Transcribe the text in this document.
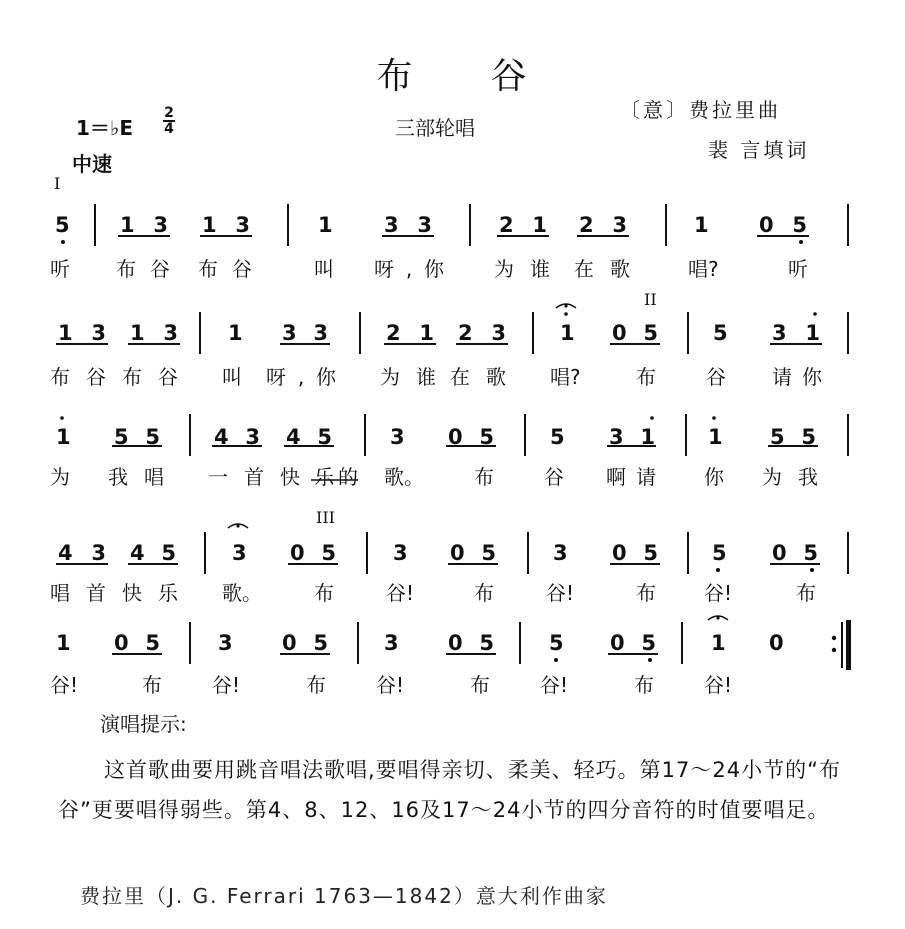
布　　谷
1＝♭E
2
4
中速
三部轮唱
〔意〕费拉里曲
裴 言填词
I
II
III
5 1 3 1 3	1 3 3	2 1 2 3	1 0 5
听 布 谷 布 谷	叫 呀,你	为 谁 在 歌	唱?	听
1 3 1 3 1 3 3	2 1 2 3	1 0 5	5 3 1
布 谷 布 谷 叫 呀,你 为 谁 在 歌 唱?	布	谷 请 你
1 5 5	4 3 4 5	3 0 5	5 3 1	1 5 5
为 我 唱 一 首 快 乐的 歌。	布	谷 啊 请 你 为 我
4 3 4 5	3 0 5	3 0 5	3 0 5	5 0 5
唱 首 快 乐 歌。	布	谷!	布	谷!	布 谷!	布
1 0 5	3 0 5	3 0 5	5 0 5	1 0
谷!	布	谷!	布	谷!	布	谷!	布	谷!
演唱提示:
这首歌曲要用跳音唱法歌唱,要唱得亲切、柔美、轻巧。第17～24小节的“布谷”更要唱得弱些。第4、8、12、16及17～24小节的四分音符的时值要唱足。
费拉里（J. G. Ferrari 1763—1842）意大利作曲家
